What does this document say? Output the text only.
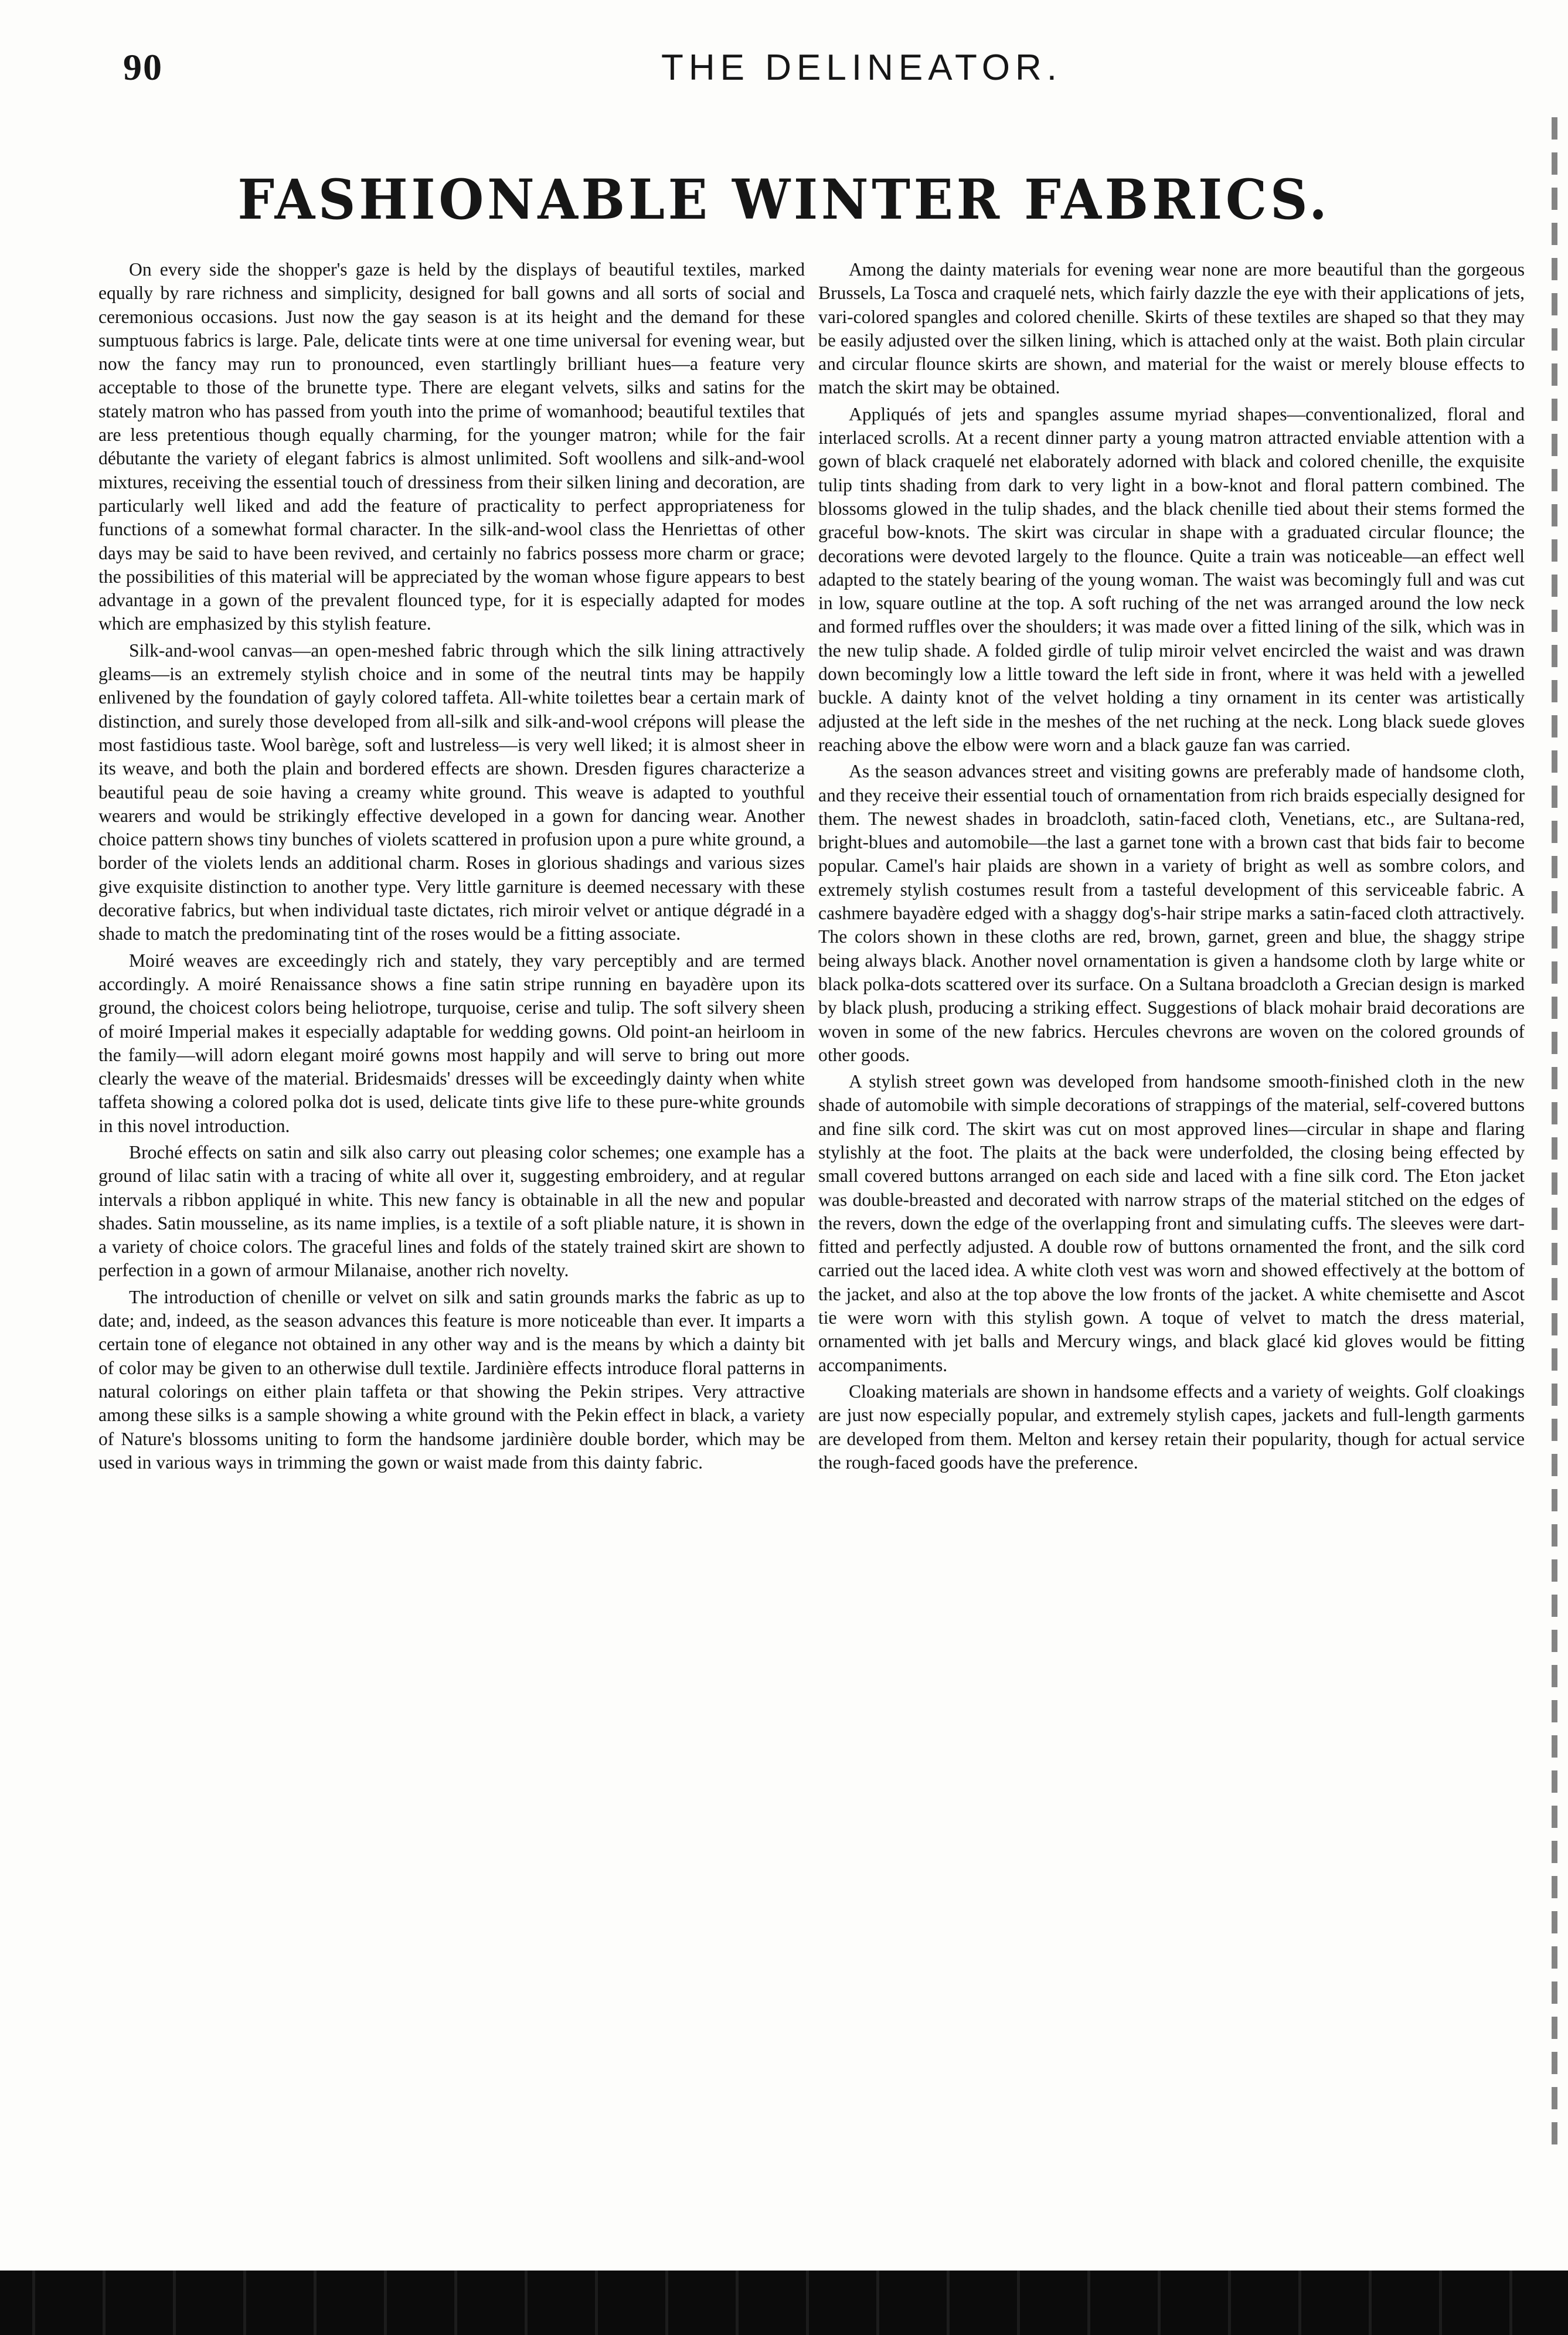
90	THE DELINEATOR.
FASHIONABLE WINTER FABRICS.

On every side the shopper's gaze is held by the displays of beautiful textiles, marked equally by rare richness and simplicity, designed for ball gowns and all sorts of social and ceremonious occasions. Just now the gay season is at its height and the demand for these sumptuous fabrics is large. Pale, delicate tints were at one time universal for evening wear, but now the fancy may run to pronounced, even startlingly brilliant hues—a feature very acceptable to those of the brunette type. There are elegant velvets, silks and satins for the stately matron who has passed from youth into the prime of womanhood; beautiful textiles that are less pretentious though equally charming, for the younger matron; while for the fair débutante the variety of elegant fabrics is almost unlimited. Soft woollens and silk-and-wool mixtures, receiving the essential touch of dressiness from their silken lining and decoration, are particularly well liked and add the feature of practicality to perfect appropriateness for functions of a somewhat formal character. In the silk-and-wool class the Henriettas of other days may be said to have been revived, and certainly no fabrics possess more charm or grace; the possibilities of this material will be appreciated by the woman whose figure appears to best advantage in a gown of the prevalent flounced type, for it is especially adapted for modes which are emphasized by this stylish feature.

Silk-and-wool canvas—an open-meshed fabric through which the silk lining attractively gleams—is an extremely stylish choice and in some of the neutral tints may be happily enlivened by the foundation of gayly colored taffeta. All-white toilettes bear a certain mark of distinction, and surely those developed from all-silk and silk-and-wool crépons will please the most fastidious taste. Wool barège, soft and lustreless—is very well liked; it is almost sheer in its weave, and both the plain and bordered effects are shown. Dresden figures characterize a beautiful peau de soie having a creamy white ground. This weave is adapted to youthful wearers and would be strikingly effective developed in a gown for dancing wear. Another choice pattern shows tiny bunches of violets scattered in profusion upon a pure white ground, a border of the violets lends an additional charm. Roses in glorious shadings and various sizes give exquisite distinction to another type. Very little garniture is deemed necessary with these decorative fabrics, but when individual taste dictates, rich miroir velvet or antique dégradé in a shade to match the predominating tint of the roses would be a fitting associate.

Moiré weaves are exceedingly rich and stately, they vary perceptibly and are termed accordingly. A moiré Renaissance shows a fine satin stripe running en bayadère upon its ground, the choicest colors being heliotrope, turquoise, cerise and tulip. The soft silvery sheen of moiré Imperial makes it especially adaptable for wedding gowns. Old point-an heirloom in the family—will adorn elegant moiré gowns most happily and will serve to bring out more clearly the weave of the material. Bridesmaids' dresses will be exceedingly dainty when white taffeta showing a colored polka dot is used, delicate tints give life to these pure-white grounds in this novel introduction.

Broché effects on satin and silk also carry out pleasing color schemes; one example has a ground of lilac satin with a tracing of white all over it, suggesting embroidery, and at regular intervals a ribbon appliqué in white. This new fancy is obtainable in all the new and popular shades. Satin mousseline, as its name implies, is a textile of a soft pliable nature, it is shown in a variety of choice colors. The graceful lines and folds of the stately trained skirt are shown to perfection in a gown of armour Milanaise, another rich novelty.

The introduction of chenille or velvet on silk and satin grounds marks the fabric as up to date; and, indeed, as the season advances this feature is more noticeable than ever. It imparts a certain tone of elegance not obtained in any other way and is the means by which a dainty bit of color may be given to an otherwise dull textile. Jardinière effects introduce floral patterns in natural colorings on either plain taffeta or that showing the Pekin stripes. Very attractive among these silks is a sample showing a white ground with the Pekin effect in black, a variety of Nature's blossoms uniting to form the handsome jardinière double border, which may be used in various ways in trimming the gown or waist made from this dainty fabric.

Among the dainty materials for evening wear none are more beautiful than the gorgeous Brussels, La Tosca and craquelé nets, which fairly dazzle the eye with their applications of jets, vari-colored spangles and colored chenille. Skirts of these textiles are shaped so that they may be easily adjusted over the silken lining, which is attached only at the waist. Both plain circular and circular flounce skirts are shown, and material for the waist or merely blouse effects to match the skirt may be obtained.

Appliqués of jets and spangles assume myriad shapes—conventionalized, floral and interlaced scrolls. At a recent dinner party a young matron attracted enviable attention with a gown of black craquelé net elaborately adorned with black and colored chenille, the exquisite tulip tints shading from dark to very light in a bow-knot and floral pattern combined. The blossoms glowed in the tulip shades, and the black chenille tied about their stems formed the graceful bow-knots. The skirt was circular in shape with a graduated circular flounce; the decorations were devoted largely to the flounce. Quite a train was noticeable—an effect well adapted to the stately bearing of the young woman. The waist was becomingly full and was cut in low, square outline at the top. A soft ruching of the net was arranged around the low neck and formed ruffles over the shoulders; it was made over a fitted lining of the silk, which was in the new tulip shade. A folded girdle of tulip miroir velvet encircled the waist and was drawn down becomingly low a little toward the left side in front, where it was held with a jewelled buckle. A dainty knot of the velvet holding a tiny ornament in its center was artistically adjusted at the left side in the meshes of the net ruching at the neck. Long black suede gloves reaching above the elbow were worn and a black gauze fan was carried.

As the season advances street and visiting gowns are preferably made of handsome cloth, and they receive their essential touch of ornamentation from rich braids especially designed for them. The newest shades in broadcloth, satin-faced cloth, Venetians, etc., are Sultana-red, bright-blues and automobile—the last a garnet tone with a brown cast that bids fair to become popular. Camel's hair plaids are shown in a variety of bright as well as sombre colors, and extremely stylish costumes result from a tasteful development of this serviceable fabric. A cashmere bayadère edged with a shaggy dog's-hair stripe marks a satin-faced cloth attractively. The colors shown in these cloths are red, brown, garnet, green and blue, the shaggy stripe being always black. Another novel ornamentation is given a handsome cloth by large white or black polka-dots scattered over its surface. On a Sultana broadcloth a Grecian design is marked by black plush, producing a striking effect. Suggestions of black mohair braid decorations are woven in some of the new fabrics. Hercules chevrons are woven on the colored grounds of other goods.

A stylish street gown was developed from handsome smooth-finished cloth in the new shade of automobile with simple decorations of strappings of the material, self-covered buttons and fine silk cord. The skirt was cut on most approved lines—circular in shape and flaring stylishly at the foot. The plaits at the back were underfolded, the closing being effected by small covered buttons arranged on each side and laced with a fine silk cord. The Eton jacket was double-breasted and decorated with narrow straps of the material stitched on the edges of the revers, down the edge of the overlapping front and simulating cuffs. The sleeves were dart-fitted and perfectly adjusted. A double row of buttons ornamented the front, and the silk cord carried out the laced idea. A white cloth vest was worn and showed effectively at the bottom of the jacket, and also at the top above the low fronts of the jacket. A white chemisette and Ascot tie were worn with this stylish gown. A toque of velvet to match the dress material, ornamented with jet balls and Mercury wings, and black glacé kid gloves would be fitting accompaniments.

Cloaking materials are shown in handsome effects and a variety of weights. Golf cloakings are just now especially popular, and extremely stylish capes, jackets and full-length garments are developed from them. Melton and kersey retain their popularity, though for actual service the rough-faced goods have the preference.
